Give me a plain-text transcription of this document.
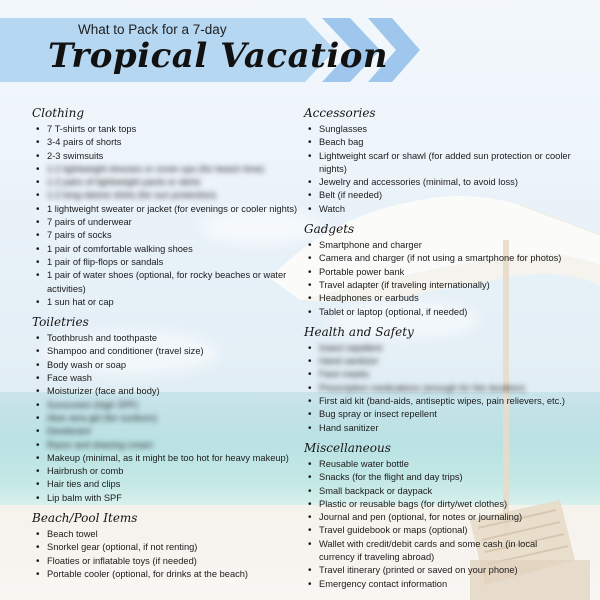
What to Pack for a 7-day
Tropical Vacation
Clothing
• 7 T-shirts or tank tops
• 3-4 pairs of shorts
• 2-3 swimsuits
• 1-2 lightweight dresses or cover-ups (for beach time)
• 1-2 pairs of lightweight pants or skirts
• 1-2 long-sleeve shirts (for sun protection)
• 1 lightweight sweater or jacket (for evenings or cooler nights)
• 7 pairs of underwear
• 7 pairs of socks
• 1 pair of comfortable walking shoes
• 1 pair of flip-flops or sandals
• 1 pair of water shoes (optional, for rocky beaches or water activities)
• 1 sun hat or cap
Toiletries
• Toothbrush and toothpaste
• Shampoo and conditioner (travel size)
• Body wash or soap
• Face wash
• Moisturizer (face and body)
• Sunscreen (high SPF)
• Aloe vera gel (for sunburn)
• Deodorant
• Razor and shaving cream
• Makeup (minimal, as it might be too hot for heavy makeup)
• Hairbrush or comb
• Hair ties and clips
• Lip balm with SPF
Beach/Pool Items
• Beach towel
• Snorkel gear (optional, if not renting)
• Floaties or inflatable toys (if needed)
• Portable cooler (optional, for drinks at the beach)
Accessories
• Sunglasses
• Beach bag
• Lightweight scarf or shawl (for added sun protection or cooler nights)
• Jewelry and accessories (minimal, to avoid loss)
• Belt (if needed)
• Watch
Gadgets
• Smartphone and charger
• Camera and charger (if not using a smartphone for photos)
• Portable power bank
• Travel adapter (if traveling internationally)
• Headphones or earbuds
• Tablet or laptop (optional, if needed)
Health and Safety
• Insect repellent
• Hand sanitizer
• Face masks
• Prescription medications (enough for the duration)
• First aid kit (band-aids, antiseptic wipes, pain relievers, etc.)
• Bug spray or insect repellent
• Hand sanitizer
Miscellaneous
• Reusable water bottle
• Snacks (for the flight and day trips)
• Small backpack or daypack
• Plastic or reusable bags (for dirty/wet clothes)
• Journal and pen (optional, for notes or journaling)
• Travel guidebook or maps (optional)
• Wallet with credit/debit cards and some cash (in local currency if traveling abroad)
• Travel itinerary (printed or saved on your phone)
• Emergency contact information
